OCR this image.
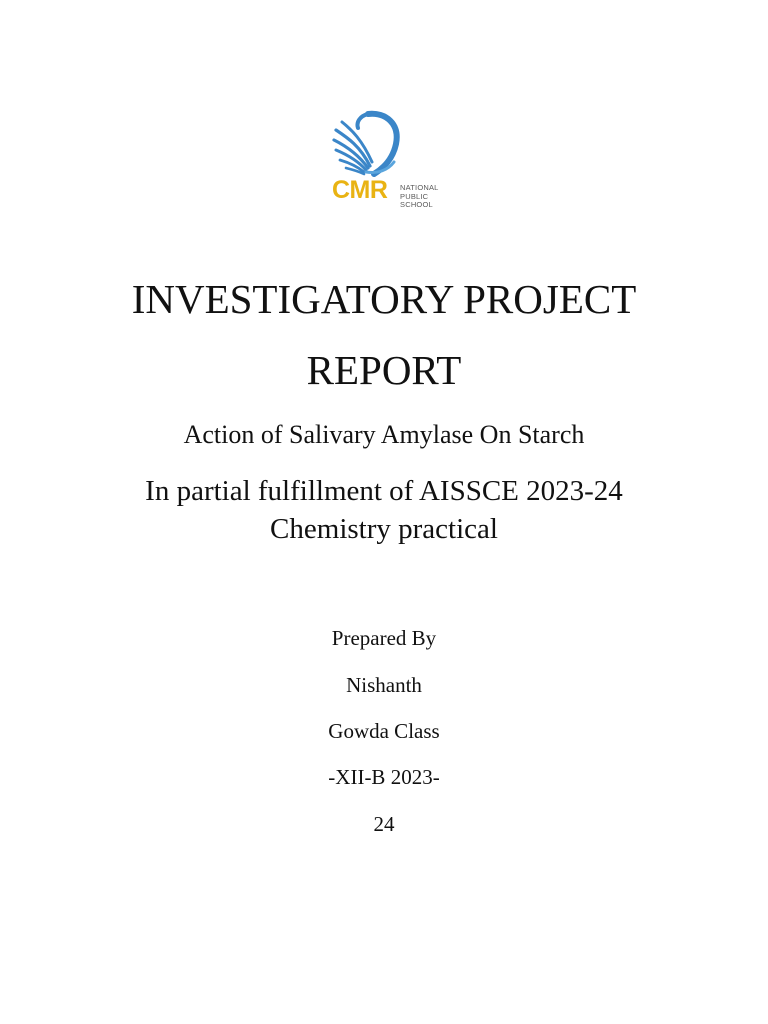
CMR NATIONAL
PUBLIC
SCHOOL
INVESTIGATORY PROJECT
REPORT
Action of Salivary Amylase On Starch
In partial fulfillment of AISSCE 2023-24
Chemistry practical
Prepared By
Nishanth
Gowda Class
-XII-B 2023-
24
